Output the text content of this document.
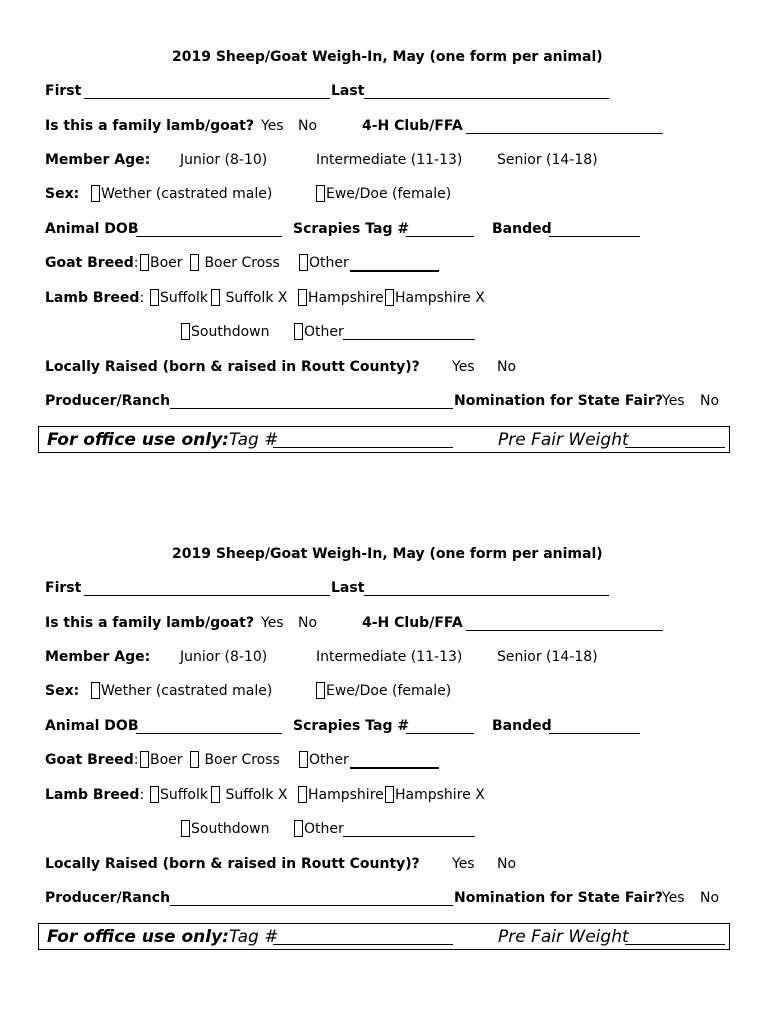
2019 Sheep/Goat Weigh-In, May (one form per animal)
First	Last
Is this a family lamb/goat? Yes No	4-H Club/FFA
Member Age: Junior (8-10)	Intermediate (11-13) Senior (14-18)
Sex:	Wether (castrated male)	Ewe/Doe (female)
Animal DOB	Scrapies Tag #	Banded
Goat Breed: Boer	Boer Cross	Other
Lamb Breed:	Suffolk	Suffolk X	Hampshire Hampshire X
Southdown	Other
Locally Raised (born & raised in Routt County)? Yes No
Producer/Ranch	Nomination for State Fair? Yes No
For office use only: Tag #	Pre Fair Weight
2019 Sheep/Goat Weigh-In, May (one form per animal)
First	Last
Is this a family lamb/goat? Yes No	4-H Club/FFA
Member Age: Junior (8-10)	Intermediate (11-13) Senior (14-18)
Sex:	Wether (castrated male)	Ewe/Doe (female)
Animal DOB	Scrapies Tag #	Banded
Goat Breed: Boer	Boer Cross	Other
Lamb Breed:	Suffolk	Suffolk X	Hampshire Hampshire X
Southdown	Other
Locally Raised (born & raised in Routt County)? Yes No
Producer/Ranch	Nomination for State Fair? Yes No
For office use only: Tag #	Pre Fair Weight
